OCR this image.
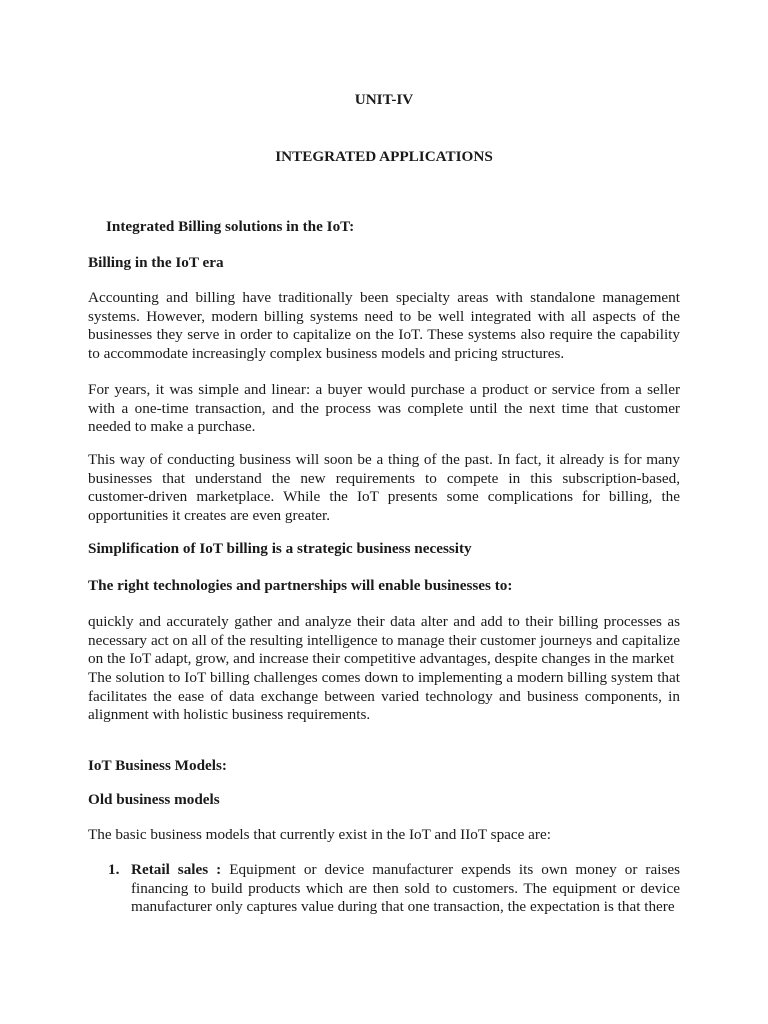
UNIT-IV
INTEGRATED APPLICATIONS
Integrated Billing solutions in the IoT:
Billing in the IoT era
Accounting and billing have traditionally been specialty areas with standalone management systems. However, modern billing systems need to be well integrated with all aspects of the businesses they serve in order to capitalize on the IoT. These systems also require the capability to accommodate increasingly complex business models and pricing structures.
For years, it was simple and linear: a buyer would purchase a product or service from a seller with a one-time transaction, and the process was complete until the next time that customer needed to make a purchase.
This way of conducting business will soon be a thing of the past. In fact, it already is for many businesses that understand the new requirements to compete in this subscription-based, customer-driven marketplace. While the IoT presents some complications for billing, the opportunities it creates are even greater.
Simplification of IoT billing is a strategic business necessity
The right technologies and partnerships will enable businesses to:
quickly and accurately gather and analyze their data alter and add to their billing processes as necessary act on all of the resulting intelligence to manage their customer journeys and capitalize on the IoT adapt, grow, and increase their competitive advantages, despite changes in the market
The solution to IoT billing challenges comes down to implementing a modern billing system that facilitates the ease of data exchange between varied technology and business components, in alignment with holistic business requirements.
IoT Business Models:
Old business models
The basic business models that currently exist in the IoT and IIoT space are:
1. Retail sales : Equipment or device manufacturer expends its own money or raises financing to build products which are then sold to customers. The equipment or device manufacturer only captures value during that one transaction, the expectation is that there
